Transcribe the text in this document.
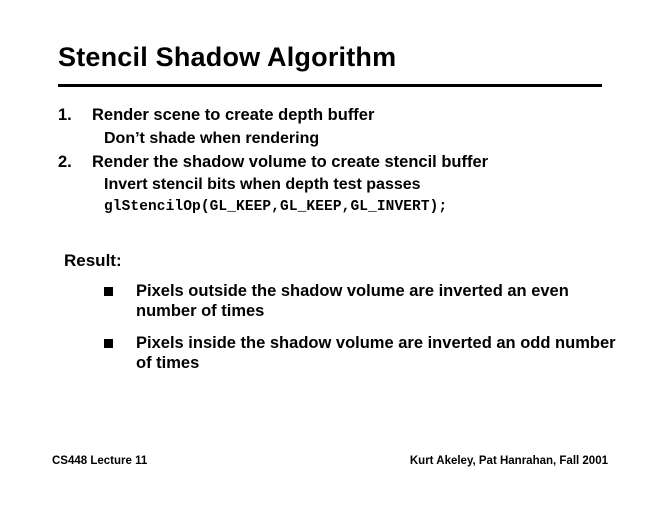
Stencil Shadow Algorithm
1.	Render scene to create depth buffer
Don’t shade when rendering
2.	Render the shadow volume to create stencil buffer
Invert stencil bits when depth test passes
glStencilOp(GL_KEEP,GL_KEEP,GL_INVERT);
Result:
Pixels outside the shadow volume are inverted an even number of times
Pixels inside the shadow volume are inverted an odd number of times
CS448 Lecture 11	Kurt Akeley, Pat Hanrahan, Fall 2001
